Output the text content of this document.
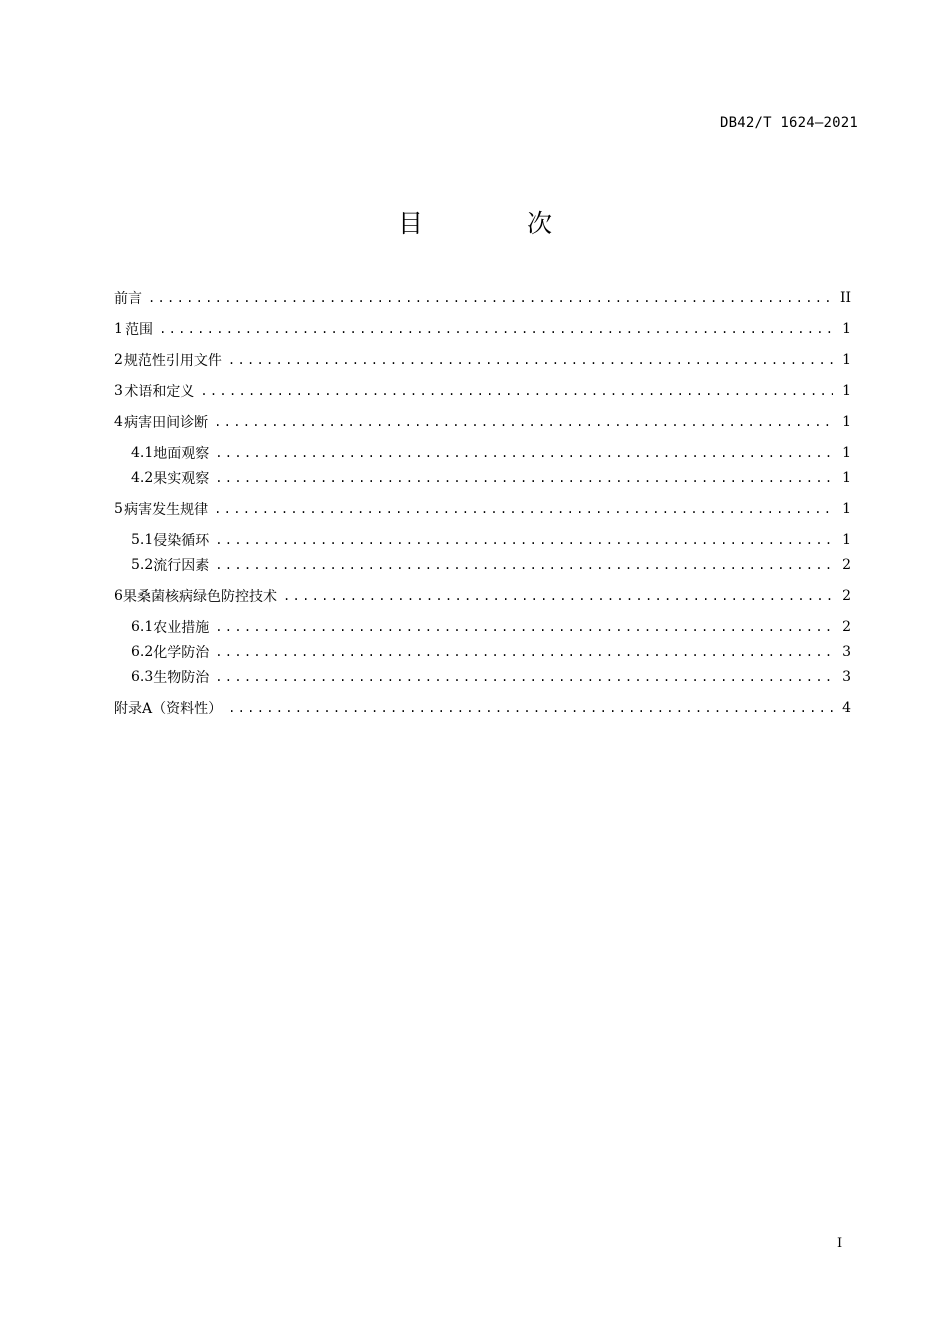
DB42/T 1624—2021
目 次
前言 .....	II
1 范围 .....	1
2 规范性引用文件 .....	1
3 术语和定义 .....	1
4 病害田间诊断 .....	1
4.1 地面观察 .....	1
4.2 果实观察 .....	1
5 病害发生规律 .....	1
5.1 侵染循环 .....	1
5.2 流行因素 .....	2
6 果桑菌核病绿色防控技术 .....	2
6.1 农业措施 .....	2
6.2 化学防治 .....	3
6.3 生物防治 .....	3
附录A（资料性） .....	4
I
